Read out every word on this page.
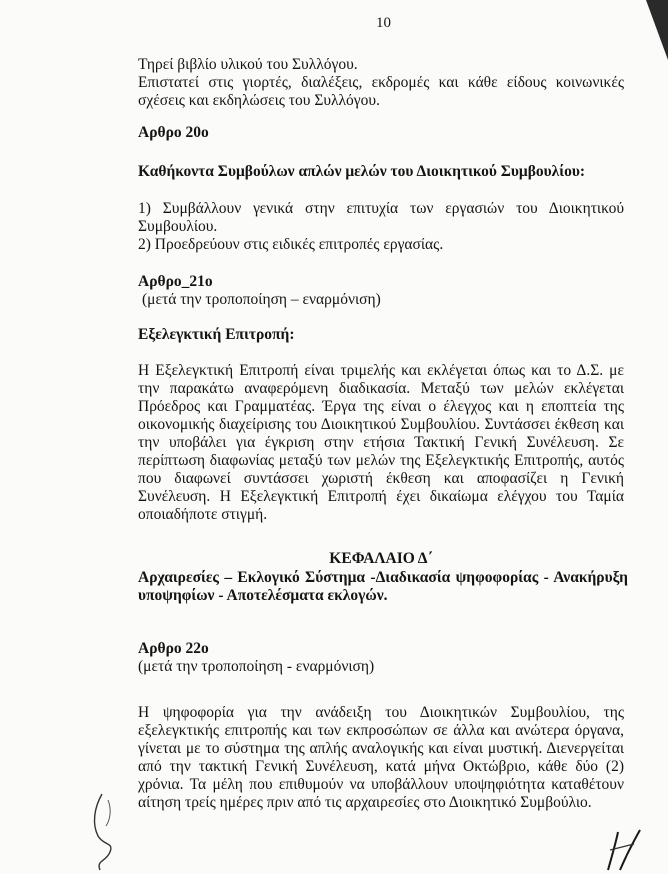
10
Τηρεί βιβλίο υλικού του Συλλόγου.
Επιστατεί στις γιορτές, διαλέξεις, εκδρομές και κάθε είδους κοινωνικές σχέσεις και εκδηλώσεις του Συλλόγου.
Αρθρο 20ο
Καθήκοντα Συμβούλων απλών μελών του Διοικητικού Συμβουλίου:
1) Συμβάλλουν γενικά στην επιτυχία των εργασιών του Διοικητικού Συμβουλίου.
2) Προεδρεύουν στις ειδικές επιτροπές εργασίας.
Αρθρο_21ο
(μετά την τροποποίηση – εναρμόνιση)
Εξελεγκτική Επιτροπή:
Η Εξελεγκτική Επιτροπή είναι τριμελής και εκλέγεται όπως και το Δ.Σ. με την παρακάτω αναφερόμενη διαδικασία. Μεταξύ των μελών εκλέγεται Πρόεδρος και Γραμματέας. Έργα της είναι ο έλεγχος και η εποπτεία της οικονομικής διαχείρισης του Διοικητικού Συμβουλίου. Συντάσσει έκθεση και την υποβάλει για έγκριση στην ετήσια Τακτική Γενική Συνέλευση. Σε περίπτωση διαφωνίας μεταξύ των μελών της Εξελεγκτικής Επιτροπής, αυτός που διαφωνεί συντάσσει χωριστή έκθεση και αποφασίζει η Γενική Συνέλευση. Η Εξελεγκτική Επιτροπή έχει δικαίωμα ελέγχου του Ταμία οποιαδήποτε στιγμή.
ΚΕΦΑΛΑΙΟ Δ΄
Αρχαιρεσίες – Εκλογικό Σύστημα -Διαδικασία ψηφοφορίας - Ανακήρυξη υποψηφίων - Αποτελέσματα εκλογών.
Αρθρο 22ο
(μετά την τροποποίηση - εναρμόνιση)
Η ψηφοφορία για την ανάδειξη του Διοικητικών Συμβουλίου, της εξελεγκτικής επιτροπής και των εκπροσώπων σε άλλα και ανώτερα όργανα, γίνεται με το σύστημα της απλής αναλογικής και είναι μυστική. Διενεργείται από την τακτική Γενική Συνέλευση, κατά μήνα Οκτώβριο, κάθε δύο (2) χρόνια. Τα μέλη που επιθυμούν να υποβάλλουν υποψηφιότητα καταθέτουν αίτηση τρείς ημέρες πριν από τις αρχαιρεσίες στο Διοικητικό Συμβούλιο.
